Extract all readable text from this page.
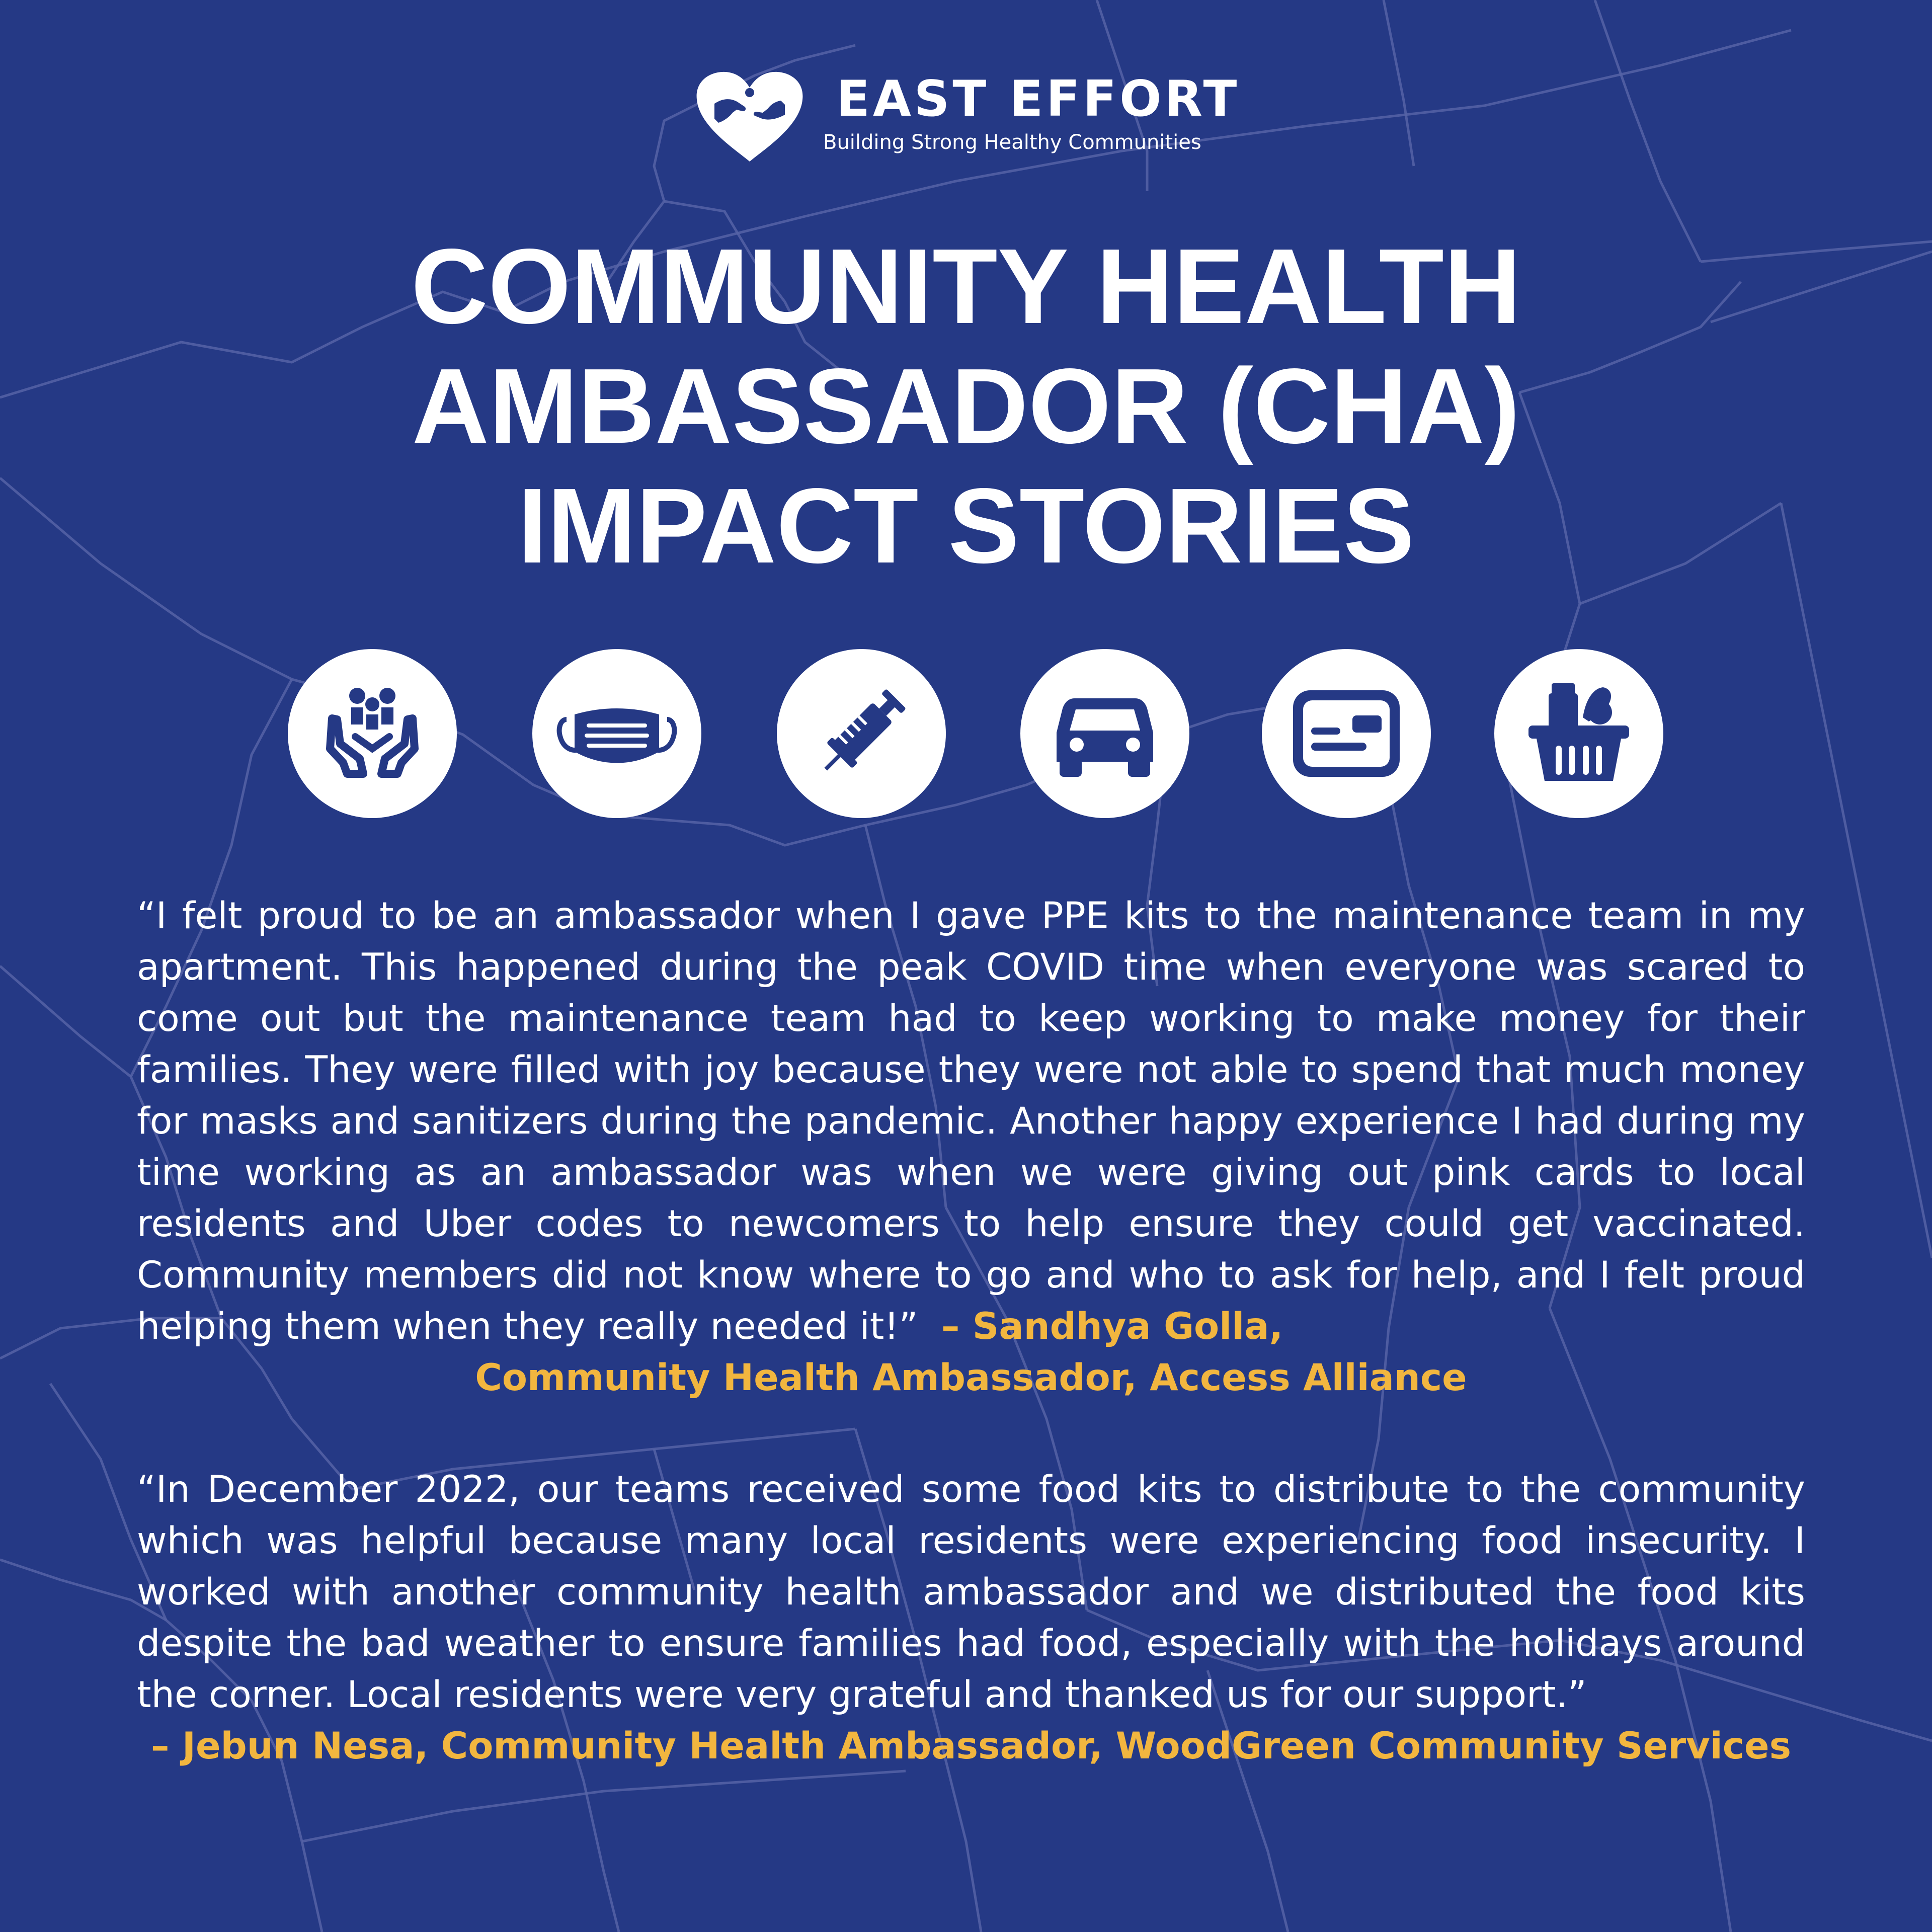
EAST EFFORT
Building Strong Healthy Communities
COMMUNITY HEALTH
AMBASSADOR (CHA)
IMPACT STORIES
“I felt proud to be an ambassador when I gave PPE kits to the maintenance team in my apartment. This happened during the peak COVID time when everyone was scared to come out but the maintenance team had to keep working to make money for their families. They were filled with joy because they were not able to spend that much money for masks and sanitizers during the pandemic. Another happy experience I had during my time working as an ambassador was when we were giving out pink cards to local residents and Uber codes to newcomers to help ensure they could get vaccinated. Community members did not know where to go and who to ask for help, and I felt proud helping them when they really needed it!” – Sandhya Golla,
Community Health Ambassador, Access Alliance
“In December 2022, our teams received some food kits to distribute to the community which was helpful because many local residents were experiencing food insecurity. I worked with another community health ambassador and we distributed the food kits despite the bad weather to ensure families had food, especially with the holidays around the corner. Local residents were very grateful and thanked us for our support.”
– Jebun Nesa, Community Health Ambassador, WoodGreen Community Services
